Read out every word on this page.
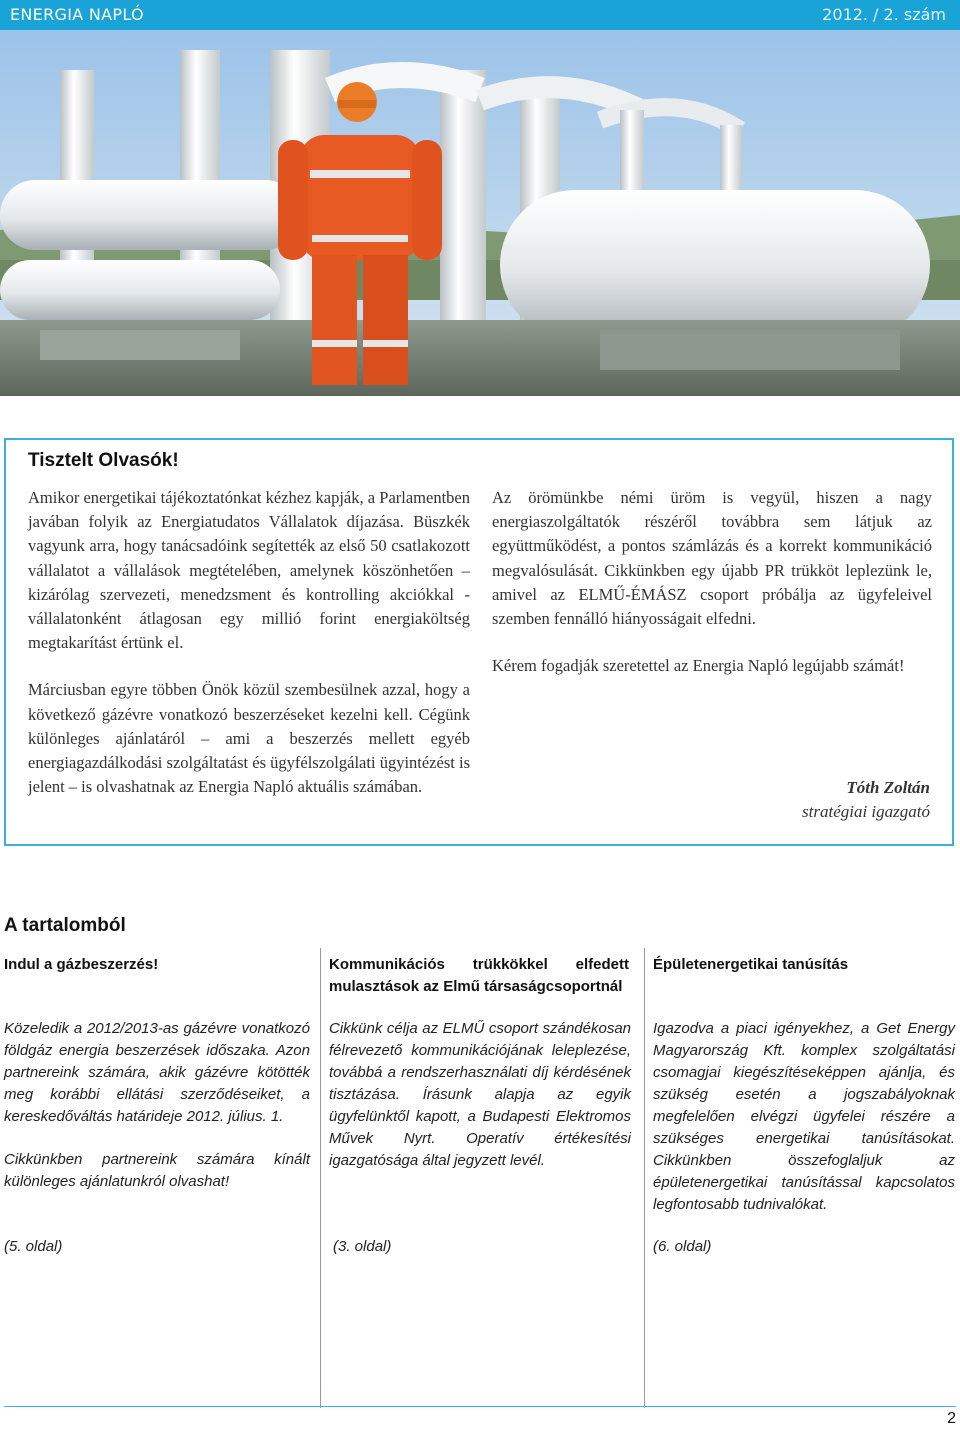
ENERGIA NAPLÓ	2012. / 2. szám
Tisztelt Olvasók!

Amikor energetikai tájékoztatónkat kézhez kapják, a Parlamentben javában folyik az Energiatudatos Vállalatok díjazása. Büszkék vagyunk arra, hogy tanácsadóink segítették az első 50 csatlakozott vállalatot a vállalások megtételében, amelynek köszönhetően – kizárólag szervezeti, menedzsment és kontrolling akciókkal - vállalatonként átlagosan egy millió forint energiaköltség megtakarítást értünk el.

Márciusban egyre többen Önök közül szembesülnek azzal, hogy a következő gázévre vonatkozó beszerzéseket kezelni kell. Cégünk különleges ajánlatáról – ami a beszerzés mellett egyéb energiagazdálkodási szolgáltatást és ügyfélszolgálati ügyintézést is jelent – is olvashatnak az Energia Napló aktuális számában.

Az örömünkbe némi üröm is vegyül, hiszen a nagy energiaszolgáltatók részéről továbbra sem látjuk az együttműködést, a pontos számlázás és a korrekt kommunikáció megvalósulását. Cikkünkben egy újabb PR trükköt leplezünk le, amivel az ELMŰ-ÉMÁSZ csoport próbálja az ügyfeleivel szemben fennálló hiányosságait elfedni.

Kérem fogadják szeretettel az Energia Napló legújabb számát!

Tóth Zoltán
stratégiai igazgató
A tartalomból
Indul a gázbeszerzés!

Közeledik a 2012/2013-as gázévre vonatkozó földgáz energia beszerzések időszaka. Azon partnereink számára, akik gázévre kötötték meg korábbi ellátási szerződéseiket, a kereskedőváltás határideje 2012. július. 1.

Cikkünkben partnereink számára kínált különleges ajánlatunkról olvashat!

(5. oldal)
Kommunikációs trükkökkel elfedett mulasztások az Elmű társaságcsoportnál

Cikkünk célja az ELMŰ csoport szándékosan félrevezető kommunikációjának leleplezése, továbbá a rendszerhasználati díj kérdésének tisztázása. Írásunk alapja az egyik ügyfelünktől kapott, a Budapesti Elektromos Művek Nyrt. Operatív értékesítési igazgatósága által jegyzett levél.

(3. oldal)
Épületenergetikai tanúsítás

Igazodva a piaci igényekhez, a Get Energy Magyarország Kft. komplex szolgáltatási csomagjai kiegészítéseképpen ajánlja, és szükség esetén a jogszabályoknak megfelelően elvégzi ügyfelei részére a szükséges energetikai tanúsításokat. Cikkünkben összefoglaljuk az épületenergetikai tanúsítással kapcsolatos legfontosabb tudnivalókat.

(6. oldal)
2
